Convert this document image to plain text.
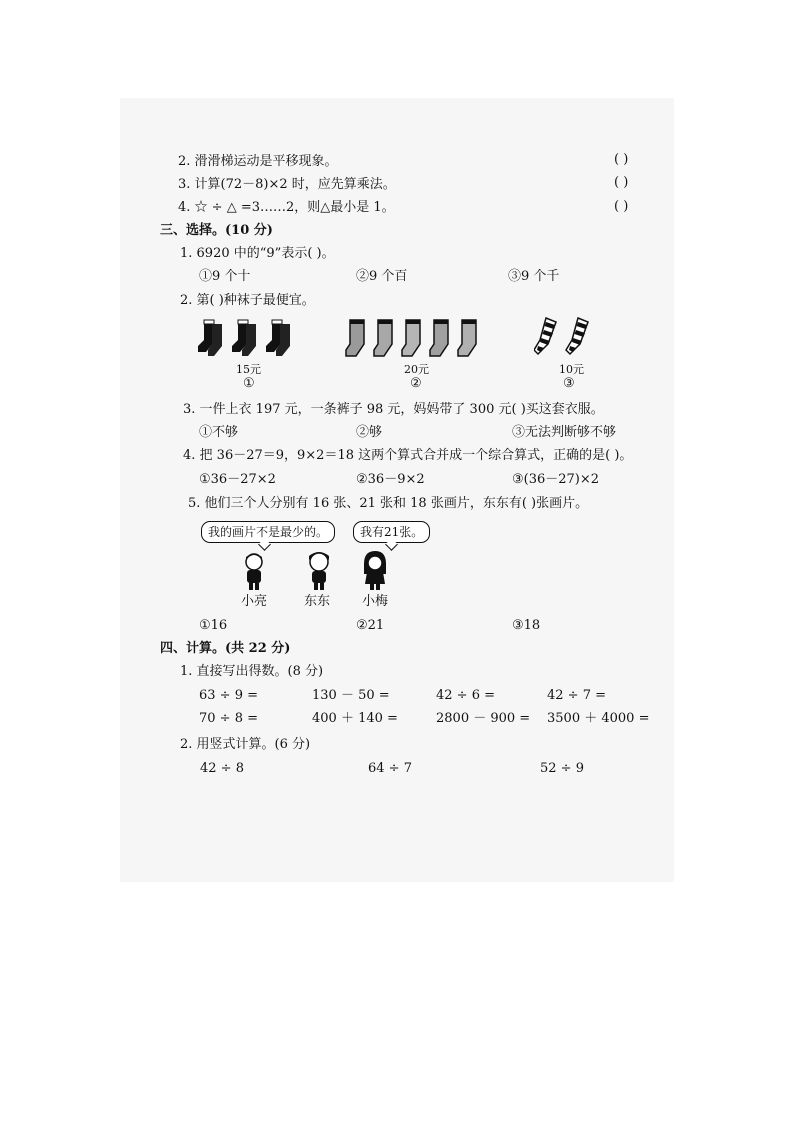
2. 滑滑梯运动是平移现象。	( )
3. 计算(72－8)×2 时，应先算乘法。	( )
4. ☆ ÷ △ =3……2，则△最小是 1。	( )
三、选择。(10 分)
1. 6920 中的“9”表示( )。
①9 个十	②9 个百	③9 个千
2. 第( )种袜子最便宜。
15元
①
20元
②
10元
③
3. 一件上衣 197 元，一条裤子 98 元，妈妈带了 300 元( )买这套衣服。
①不够	②够	③无法判断够不够
4. 把 36－27＝9，9×2＝18 这两个算式合并成一个综合算式，正确的是( )。
①36－27×2	②36－9×2	③(36－27)×2
5. 他们三个人分别有 16 张、21 张和 18 张画片，东东有( )张画片。
我的画片不是最少的。	我有21张。
小亮	东东 小梅
①16	②21	③18
四、计算。(共 22 分)
1. 直接写出得数。(8 分)
63 ÷ 9 =	130 － 50 =	42 ÷ 6 =	42 ÷ 7 =
70 ÷ 8 =	400 ＋ 140 =	2800 － 900 = 3500 ＋ 4000 =
2. 用竖式计算。(6 分)
42 ÷ 8	64 ÷ 7	52 ÷ 9
